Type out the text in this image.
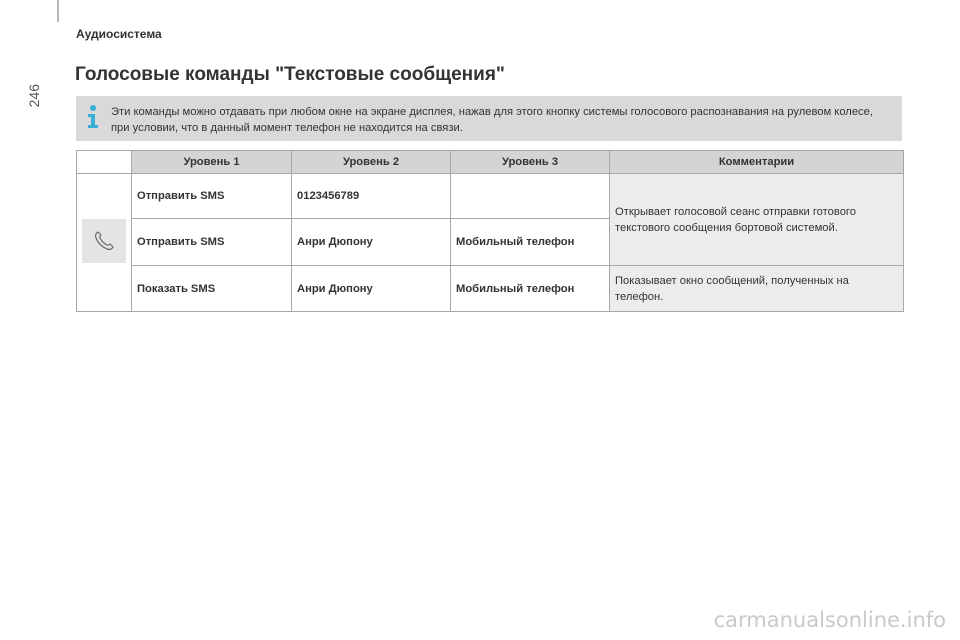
246
Аудиосистема
Голосовые команды "Текстовые сообщения"
Эти команды можно отдавать при любом окне на экране дисплея, нажав для этого кнопку системы голосового распознавания на рулевом колесе, при условии, что в данный момент телефон не находится на связи.
	Уровень 1	Уровень 2	Уровень 3	Комментарии

	Отправить SMS	0123456789		Открывает голосовой сеанс отправки готового текстового сообщения бортовой системой.
	Отправить SMS	Анри Дюпону	Мобильный телефон	
	Показать SMS	Анри Дюпону	Мобильный телефон	Показывает окно сообщений, полученных на телефон.
carmanualsonline.info
